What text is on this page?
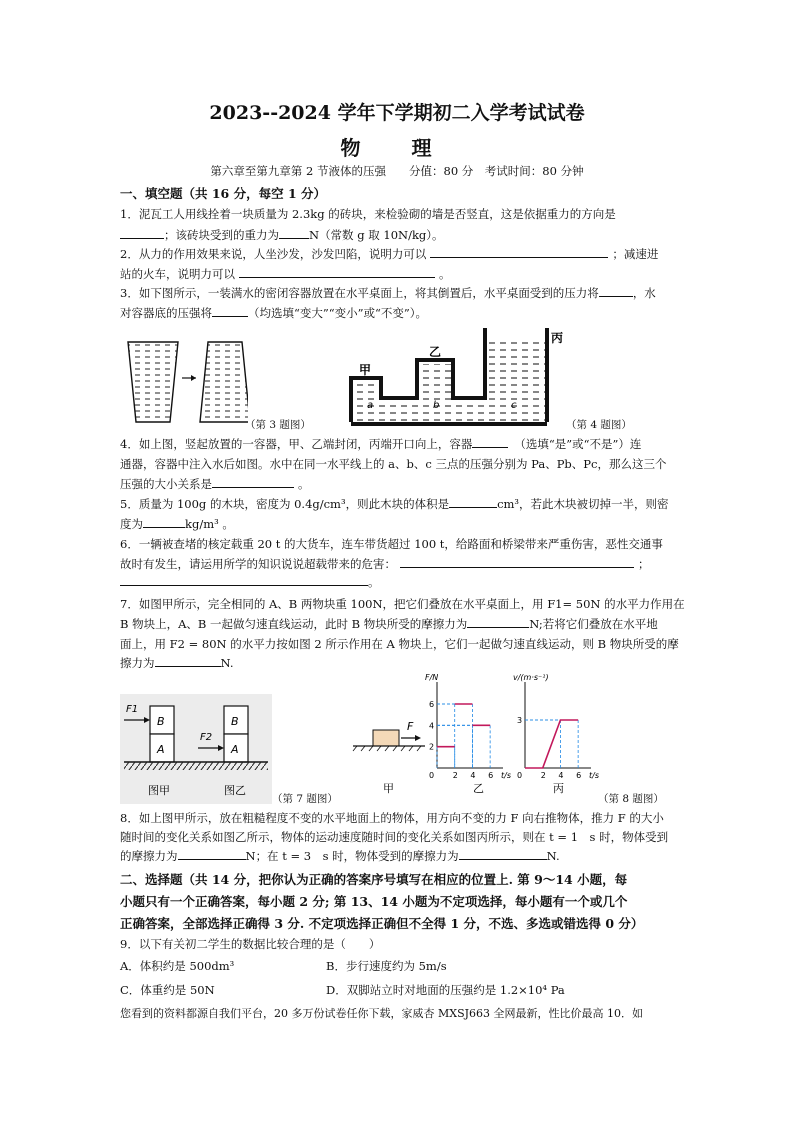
2023--2024 学年下学期初二入学考试试卷
物 理
第六章至第九章第 2 节液体的压强　　分值：80 分　考试时间：80 分钟
一、填空题（共 16 分，每空 1 分）
1．泥瓦工人用线拴着一块质量为 2.3kg 的砖块，来检验砌的墙是否竖直，这是依据重力的方向是
；该砖块受到的重力为	N（常数 g 取 10N/kg）。
2．从力的作用效果来说，人坐沙发，沙发凹陷，说明力可以	；减速进
站的火车，说明力可以	。
3．如下图所示，一装满水的密闭容器放置在水平桌面上，将其倒置后，水平桌面受到的压力将	，水
对容器底的压强将	（均选填“变大”“变小”或“不变”）。
（第 3 题图）
甲
乙
丙
a	b	c
（第 4 题图）
4．如上图，竖起放置的一容器，甲、乙端封闭，丙端开口向上，容器	（选填“是”或“不是”）连
通器，容器中注入水后如图。水中在同一水平线上的 a、b、c 三点的压强分别为 Pa、Pb、Pc，那么这三个
压强的大小关系是	。
5．质量为 100g 的木块，密度为 0.4g/cm³，则此木块的体积是	cm³，若此木块被切掉一半，则密
度为	kg/m³ 。
6．一辆被查堵的核定载重 20 t 的大货车，连车带货超过 100 t，给路面和桥梁带来严重伤害，恶性交通事
故时有发生，请运用所学的知识说说超载带来的危害：	；
。
7．如图甲所示，完全相同的 A、B 两物块重 100N，把它们叠放在水平桌面上，用 F1= 50N 的水平力作用在
B 物块上，A、B 一起做匀速直线运动，此时 B 物块所受的摩擦力为	N;若将它们叠放在水平地
面上，用 F2 = 80N 的水平力按如图 2 所示作用在 A 物块上，它们一起做匀速直线运动，则 B 物块所受的摩
擦力为	N.
B
A
F1
B
A
F2
图甲	图乙
（第 7 题图）
F
甲
0
F/N
t/s
2 4 6
2
4
6
0
v/(m·s⁻¹)
t/s
2 4 6
3
乙	丙
（第 8 题图）
8．如上图甲所示，放在粗糙程度不变的水平地面上的物体，用方向不变的力 F 向右推物体，推力 F 的大小
随时间的变化关系如图乙所示，物体的运动速度随时间的变化关系如图丙所示，则在 t = 1　s 时，物体受到
的摩擦力为	N；在 t = 3　s 时，物体受到的摩擦力为	N.
二、选择题（共 14 分，把你认为正确的答案序号填写在相应的位置上. 第 9～14 小题，每
小题只有一个正确答案，每小题 2 分; 第 13、14 小题为不定项选择，每小题有一个或几个
正确答案，全部选择正确得 3 分. 不定项选择正确但不全得 1 分，不选、多选或错选得 0 分）
9．以下有关初二学生的数据比较合理的是（　　）
A．体积约是 500dm³	B．步行速度约为 5m/s
C．体重约是 50N	D．双脚站立时对地面的压强约是 1.2×10⁴ Pa
您看到的资料都源自我们平台，20 多万份试卷任你下载，家威杏 MXSJ663 全网最新，性比价最高 10．如
